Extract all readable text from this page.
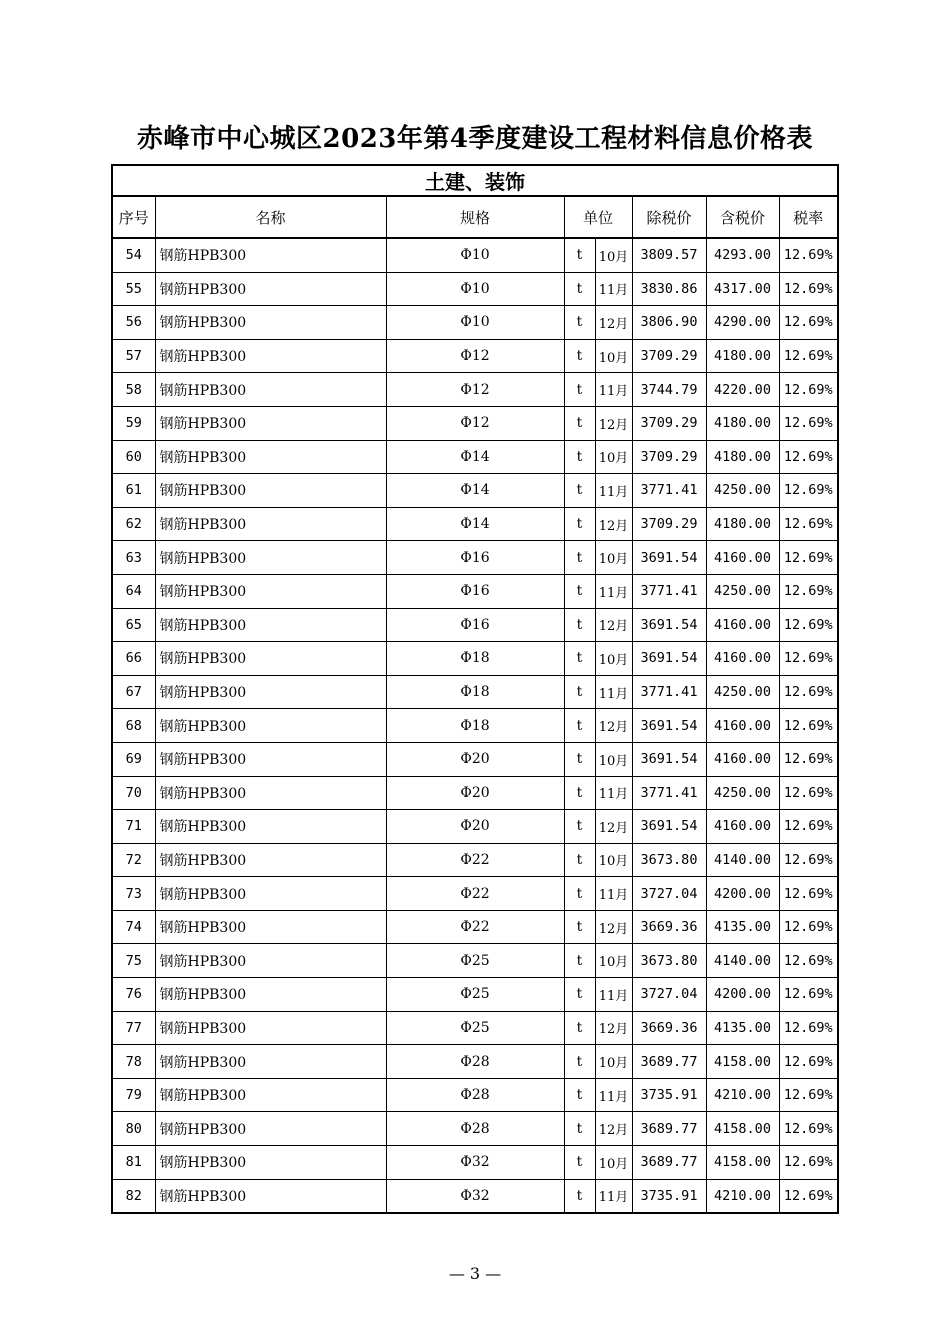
赤峰市中心城区2023年第4季度建设工程材料信息价格表
土建、装饰							
序号	名称	规格	单位		除税价	含税价	税率
54	钢筋HPB300	Φ10	t	10月	3809.57	4293.00	12.69%
55	钢筋HPB300	Φ10	t	11月	3830.86	4317.00	12.69%
56	钢筋HPB300	Φ10	t	12月	3806.90	4290.00	12.69%
57	钢筋HPB300	Φ12	t	10月	3709.29	4180.00	12.69%
58	钢筋HPB300	Φ12	t	11月	3744.79	4220.00	12.69%
59	钢筋HPB300	Φ12	t	12月	3709.29	4180.00	12.69%
60	钢筋HPB300	Φ14	t	10月	3709.29	4180.00	12.69%
61	钢筋HPB300	Φ14	t	11月	3771.41	4250.00	12.69%
62	钢筋HPB300	Φ14	t	12月	3709.29	4180.00	12.69%
63	钢筋HPB300	Φ16	t	10月	3691.54	4160.00	12.69%
64	钢筋HPB300	Φ16	t	11月	3771.41	4250.00	12.69%
65	钢筋HPB300	Φ16	t	12月	3691.54	4160.00	12.69%
66	钢筋HPB300	Φ18	t	10月	3691.54	4160.00	12.69%
67	钢筋HPB300	Φ18	t	11月	3771.41	4250.00	12.69%
68	钢筋HPB300	Φ18	t	12月	3691.54	4160.00	12.69%
69	钢筋HPB300	Φ20	t	10月	3691.54	4160.00	12.69%
70	钢筋HPB300	Φ20	t	11月	3771.41	4250.00	12.69%
71	钢筋HPB300	Φ20	t	12月	3691.54	4160.00	12.69%
72	钢筋HPB300	Φ22	t	10月	3673.80	4140.00	12.69%
73	钢筋HPB300	Φ22	t	11月	3727.04	4200.00	12.69%
74	钢筋HPB300	Φ22	t	12月	3669.36	4135.00	12.69%
75	钢筋HPB300	Φ25	t	10月	3673.80	4140.00	12.69%
76	钢筋HPB300	Φ25	t	11月	3727.04	4200.00	12.69%
77	钢筋HPB300	Φ25	t	12月	3669.36	4135.00	12.69%
78	钢筋HPB300	Φ28	t	10月	3689.77	4158.00	12.69%
79	钢筋HPB300	Φ28	t	11月	3735.91	4210.00	12.69%
80	钢筋HPB300	Φ28	t	12月	3689.77	4158.00	12.69%
81	钢筋HPB300	Φ32	t	10月	3689.77	4158.00	12.69%
82	钢筋HPB300	Φ32	t	11月	3735.91	4210.00	12.69%
— 3 —
